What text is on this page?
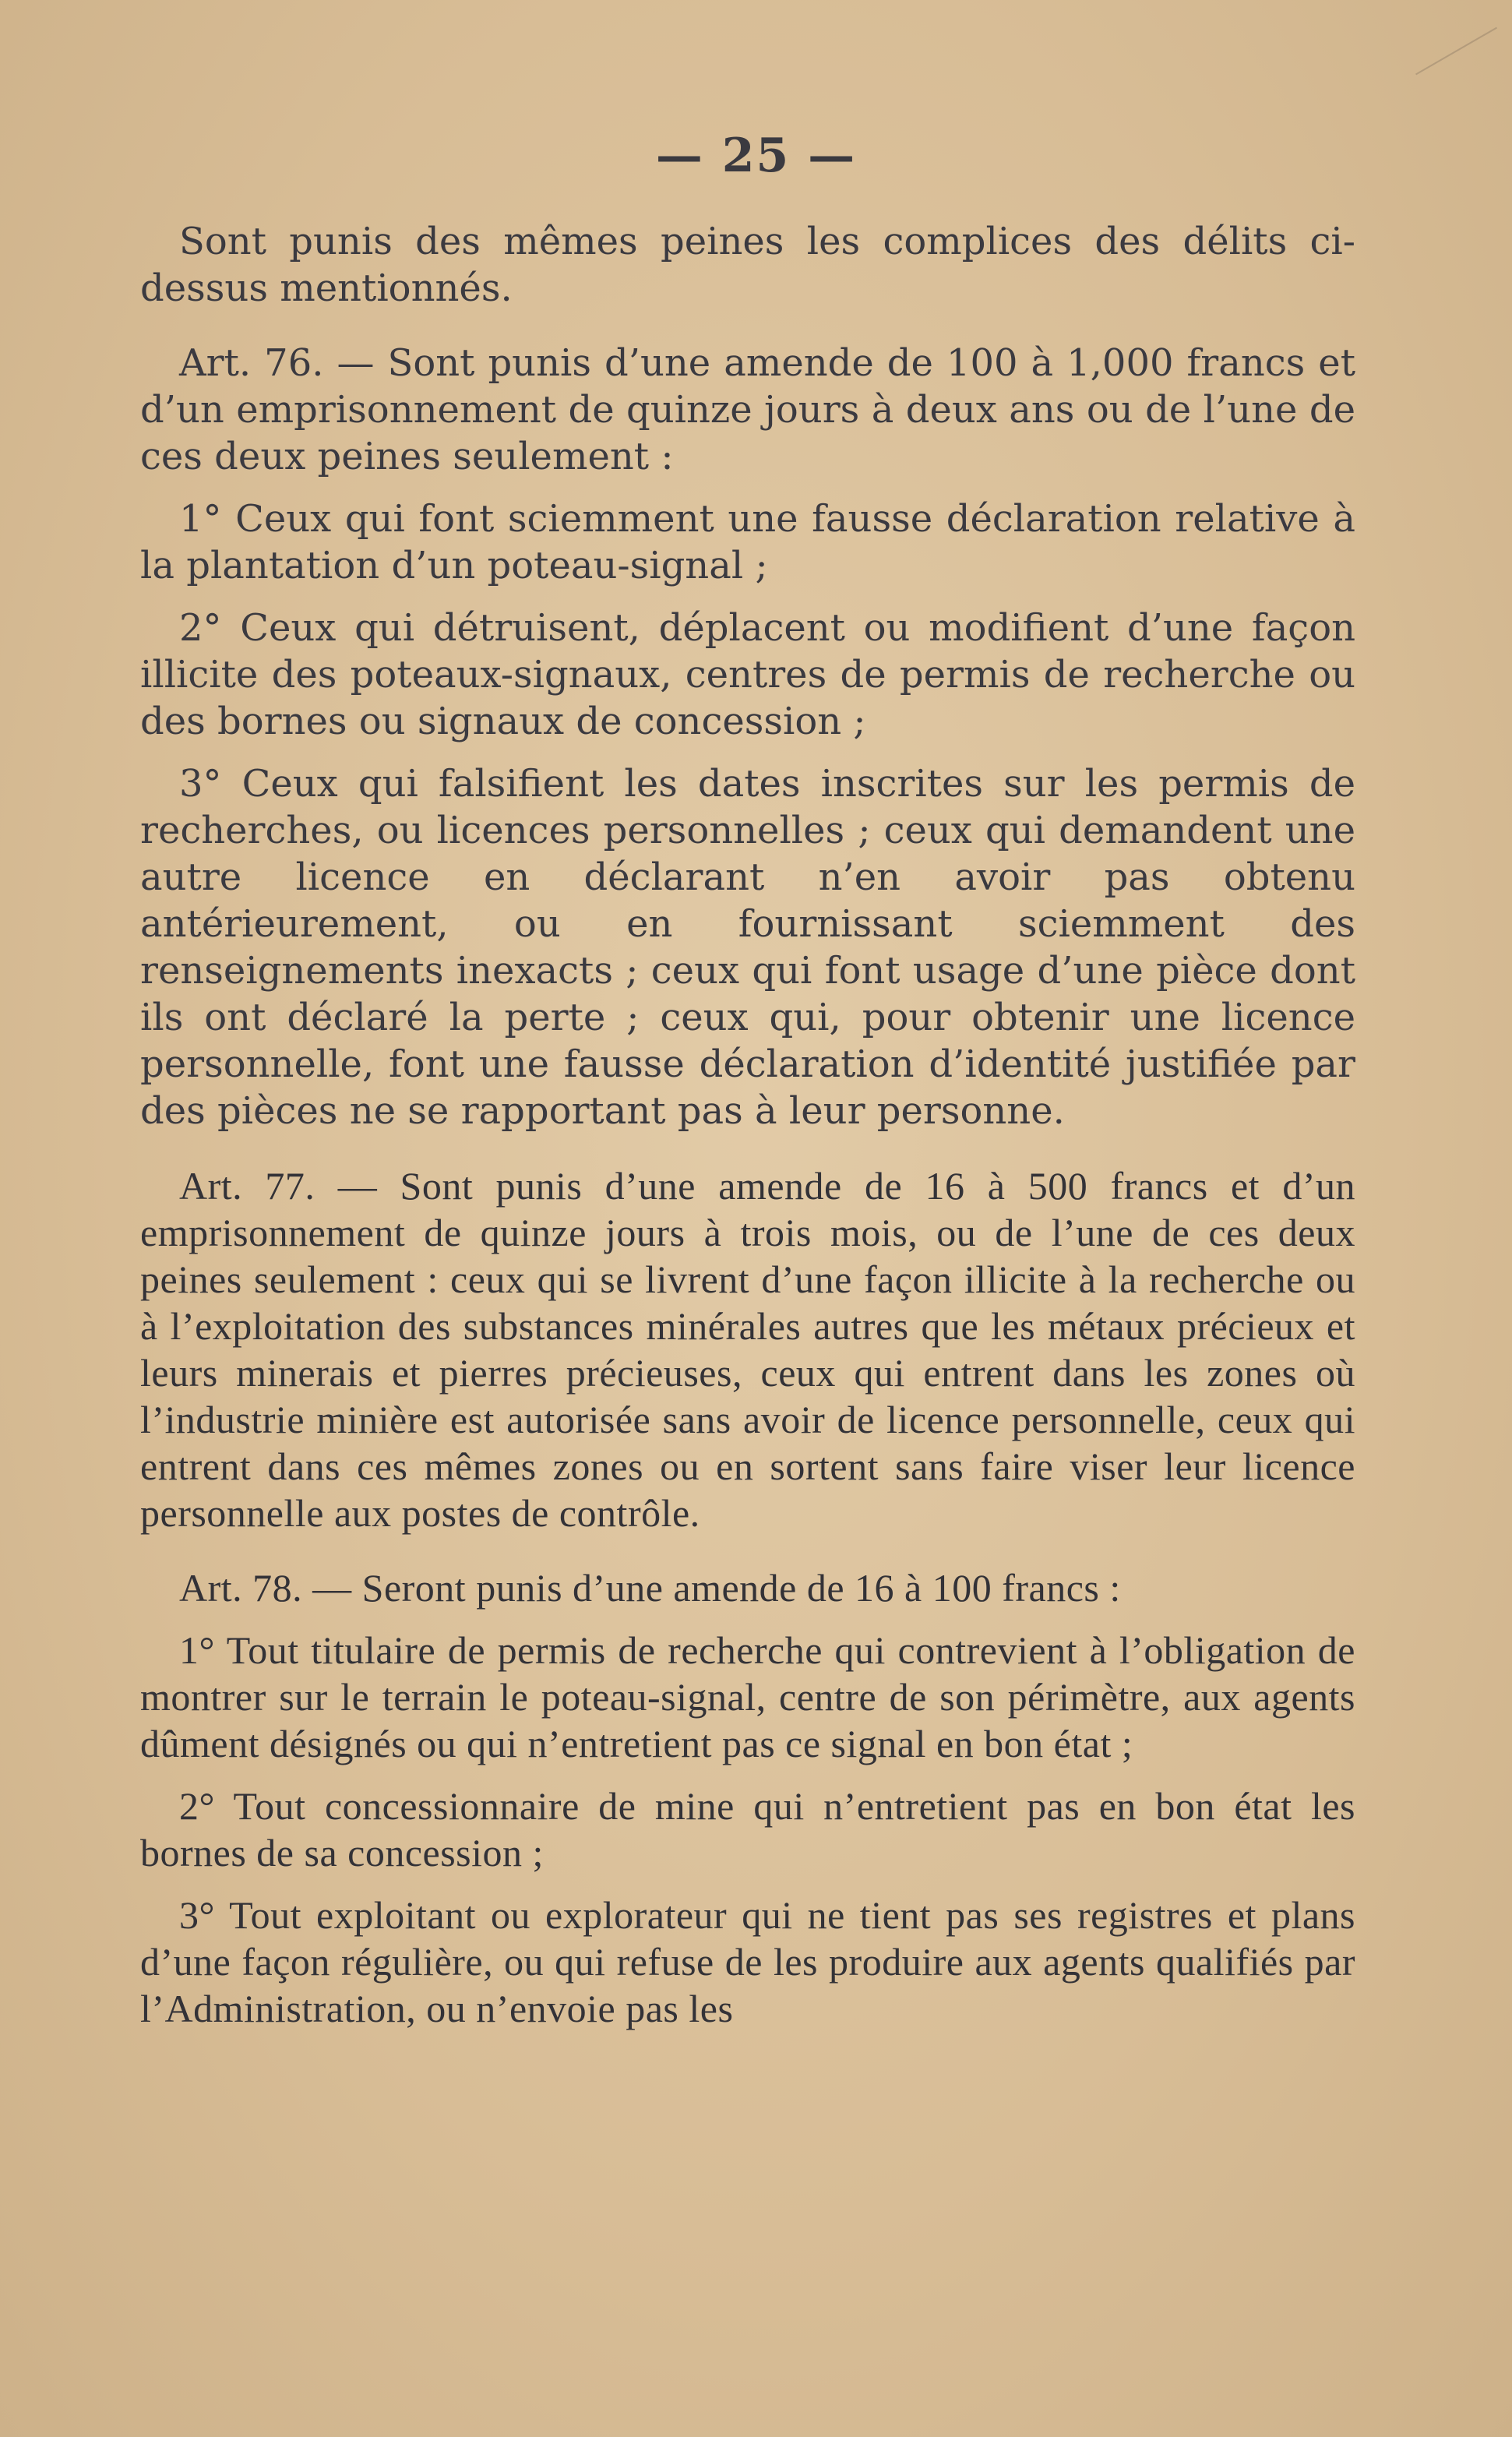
— 25 —

Sont punis des mêmes peines les complices des délits ci-dessus mentionnés.

Art. 76. — Sont punis d’une amende de 100 à 1,000 francs et d’un emprisonnement de quinze jours à deux ans ou de l’une de ces deux peines seulement :

1° Ceux qui font sciemment une fausse déclaration relative à la plantation d’un poteau-signal ;

2° Ceux qui détruisent, déplacent ou modifient d’une façon illicite des poteaux-signaux, centres de permis de recherche ou des bornes ou signaux de concession ;

3° Ceux qui falsifient les dates inscrites sur les permis de recherches, ou licences personnelles ; ceux qui demandent une autre licence en déclarant n’en avoir pas obtenu antérieurement, ou en fournissant sciemment des renseignements inexacts ; ceux qui font usage d’une pièce dont ils ont déclaré la perte ; ceux qui, pour obtenir une licence personnelle, font une fausse déclaration d’identité justifiée par des pièces ne se rapportant pas à leur personne.

Art. 77. — Sont punis d’une amende de 16 à 500 francs et d’un emprisonnement de quinze jours à trois mois, ou de l’une de ces deux peines seulement : ceux qui se livrent d’une façon illicite à la recherche ou à l’exploitation des substances minérales autres que les métaux précieux et leurs minerais et pierres précieuses, ceux qui entrent dans les zones où l’industrie minière est autorisée sans avoir de licence personnelle, ceux qui entrent dans ces mêmes zones ou en sortent sans faire viser leur licence personnelle aux postes de contrôle.

Art. 78. — Seront punis d’une amende de 16 à 100 francs :

1° Tout titulaire de permis de recherche qui contrevient à l’obligation de montrer sur le terrain le poteau-signal, centre de son périmètre, aux agents dûment désignés ou qui n’entretient pas ce signal en bon état ;

2° Tout concessionnaire de mine qui n’entretient pas en bon état les bornes de sa concession ;

3° Tout exploitant ou explorateur qui ne tient pas ses registres et plans d’une façon régulière, ou qui refuse de les produire aux agents qualifiés par l’Administration, ou n’envoie pas les
